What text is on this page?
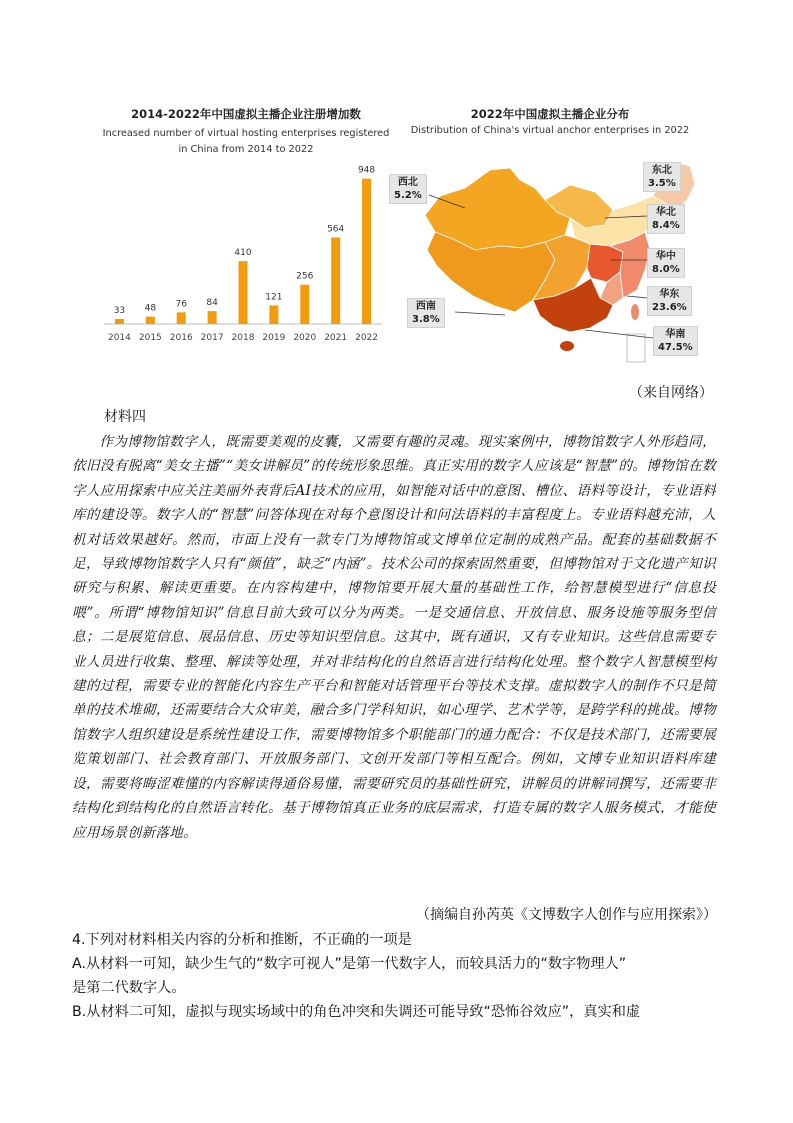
2014-2022年中国虚拟主播企业注册增加数
Increased number of virtual hosting enterprises registered
in China from 2014 to 2022
33
2014
48
2015
76
2016
84
2017
410
2018
121
2019
256
2020
564
2021
948
2022
2022年中国虚拟主播企业分布
Distribution of China's virtual anchor enterprises in 2022
西北
5.2%
东北
3.5%
华北
8.4%
华中
8.0%
华东
23.6%
西南
3.8%
华南
47.5%
（来自网络）
材料四

作为博物馆数字人，既需要美观的皮囊，又需要有趣的灵魂。现实案例中，博物馆数字人外形趋同，依旧没有脱离“美女主播”“美女讲解员”的传统形象思维。真正实用的数字人应该是“智慧”的。博物馆在数字人应用探索中应关注美丽外表背后AI技术的应用，如智能对话中的意图、槽位、语料等设计，专业语料库的建设等。数字人的“智慧”问答体现在对每个意图设计和问法语料的丰富程度上。专业语料越充沛，人机对话效果越好。然而，市面上没有一款专门为博物馆或文博单位定制的成熟产品。配套的基础数据不足，导致博物馆数字人只有“颜值”，缺乏“内涵”。技术公司的探索固然重要，但博物馆对于文化遗产知识研究与积累、解读更重要。在内容构建中，博物馆要开展大量的基础性工作，给智慧模型进行“信息投喂”。所谓“博物馆知识”信息目前大致可以分为两类。一是交通信息、开放信息、服务设施等服务型信息；二是展览信息、展品信息、历史等知识型信息。这其中，既有通识，又有专业知识。这些信息需要专业人员进行收集、整理、解读等处理，并对非结构化的自然语言进行结构化处理。整个数字人智慧模型构建的过程，需要专业的智能化内容生产平台和智能对话管理平台等技术支撑。虚拟数字人的制作不只是简单的技术堆砌，还需要结合大众审美，融合多门学科知识，如心理学、艺术学等，是跨学科的挑战。博物馆数字人组织建设是系统性建设工作，需要博物馆多个职能部门的通力配合：不仅是技术部门，还需要展览策划部门、社会教育部门、开放服务部门、文创开发部门等相互配合。例如，文博专业知识语料库建设，需要将晦涩难懂的内容解读得通俗易懂，需要研究员的基础性研究，讲解员的讲解词撰写，还需要非结构化到结构化的自然语言转化。基于博物馆真正业务的底层需求，打造专属的数字人服务模式，才能使应用场景创新落地。

（摘编自孙芮英《文博数字人创作与应用探索》）
4.下列对材料相关内容的分析和推断，不正确的一项是
A.从材料一可知，缺少生气的“数字可视人”是第一代数字人，而较具活力的“数字物理人”
是第二代数字人。
B.从材料二可知，虚拟与现实场域中的角色冲突和失调还可能导致“恐怖谷效应”，真实和虚
